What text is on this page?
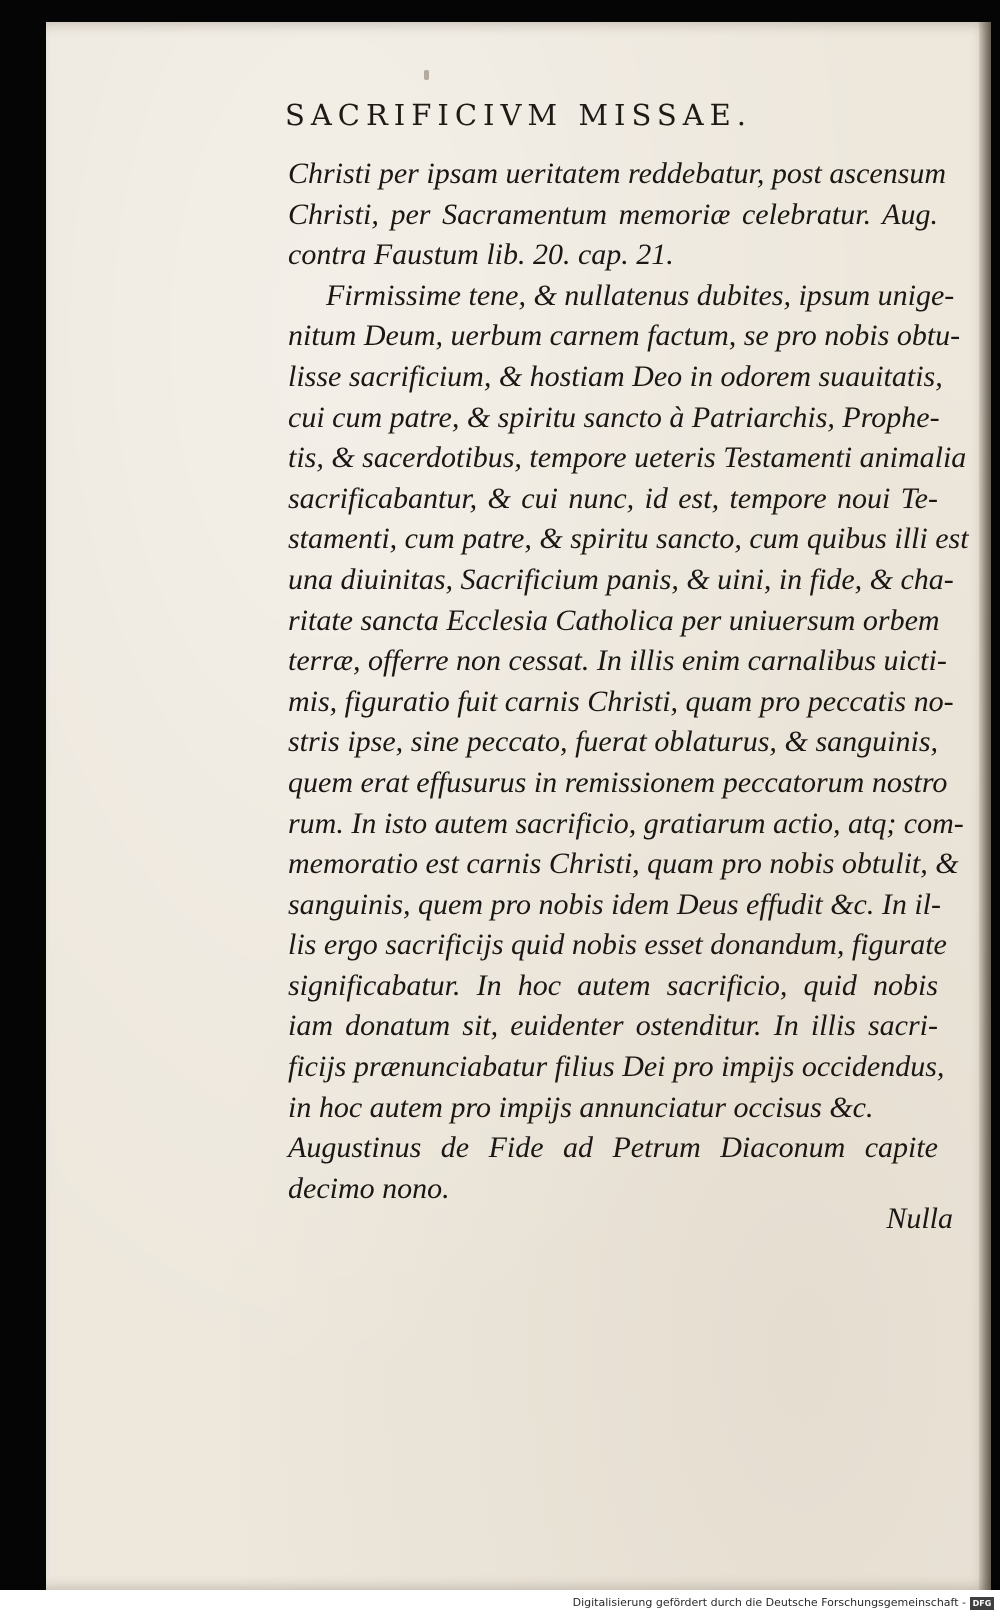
SACRIFICIVM MISSAE.
Christi per ipsam ueritatem reddebatur, post ascensum
Christi, per Sacramentum memoriæ celebratur. Aug.
contra Faustum lib. 20. cap. 21.
Firmissime tene, & nullatenus dubites, ipsum unige-
nitum Deum, uerbum carnem factum, se pro nobis obtu-
lisse sacrificium, & hostiam Deo in odorem suauitatis,
cui cum patre, & spiritu sancto à Patriarchis, Prophe-
tis, & sacerdotibus, tempore ueteris Testamenti animalia
sacrificabantur, & cui nunc, id est, tempore noui Te-
stamenti, cum patre, & spiritu sancto, cum quibus illi est
una diuinitas, Sacrificium panis, & uini, in fide, & cha-
ritate sancta Ecclesia Catholica per uniuersum orbem
terræ, offerre non cessat. In illis enim carnalibus uicti-
mis, figuratio fuit carnis Christi, quam pro peccatis no-
stris ipse, sine peccato, fuerat oblaturus, & sanguinis,
quem erat effusurus in remissionem peccatorum nostro
rum. In isto autem sacrificio, gratiarum actio, atq; com-
memoratio est carnis Christi, quam pro nobis obtulit, &
sanguinis, quem pro nobis idem Deus effudit &c. In il-
lis ergo sacrificijs quid nobis esset donandum, figurate
significabatur. In hoc autem sacrificio, quid nobis
iam donatum sit, euidenter ostenditur. In illis sacri-
ficijs prænunciabatur filius Dei pro impijs occidendus,
in hoc autem pro impijs annunciatur occisus &c.
Augustinus de Fide ad Petrum Diaconum capite
decimo nono.
Nulla
Digitalisierung gefördert durch die Deutsche Forschungsgemeinschaft - DFG
